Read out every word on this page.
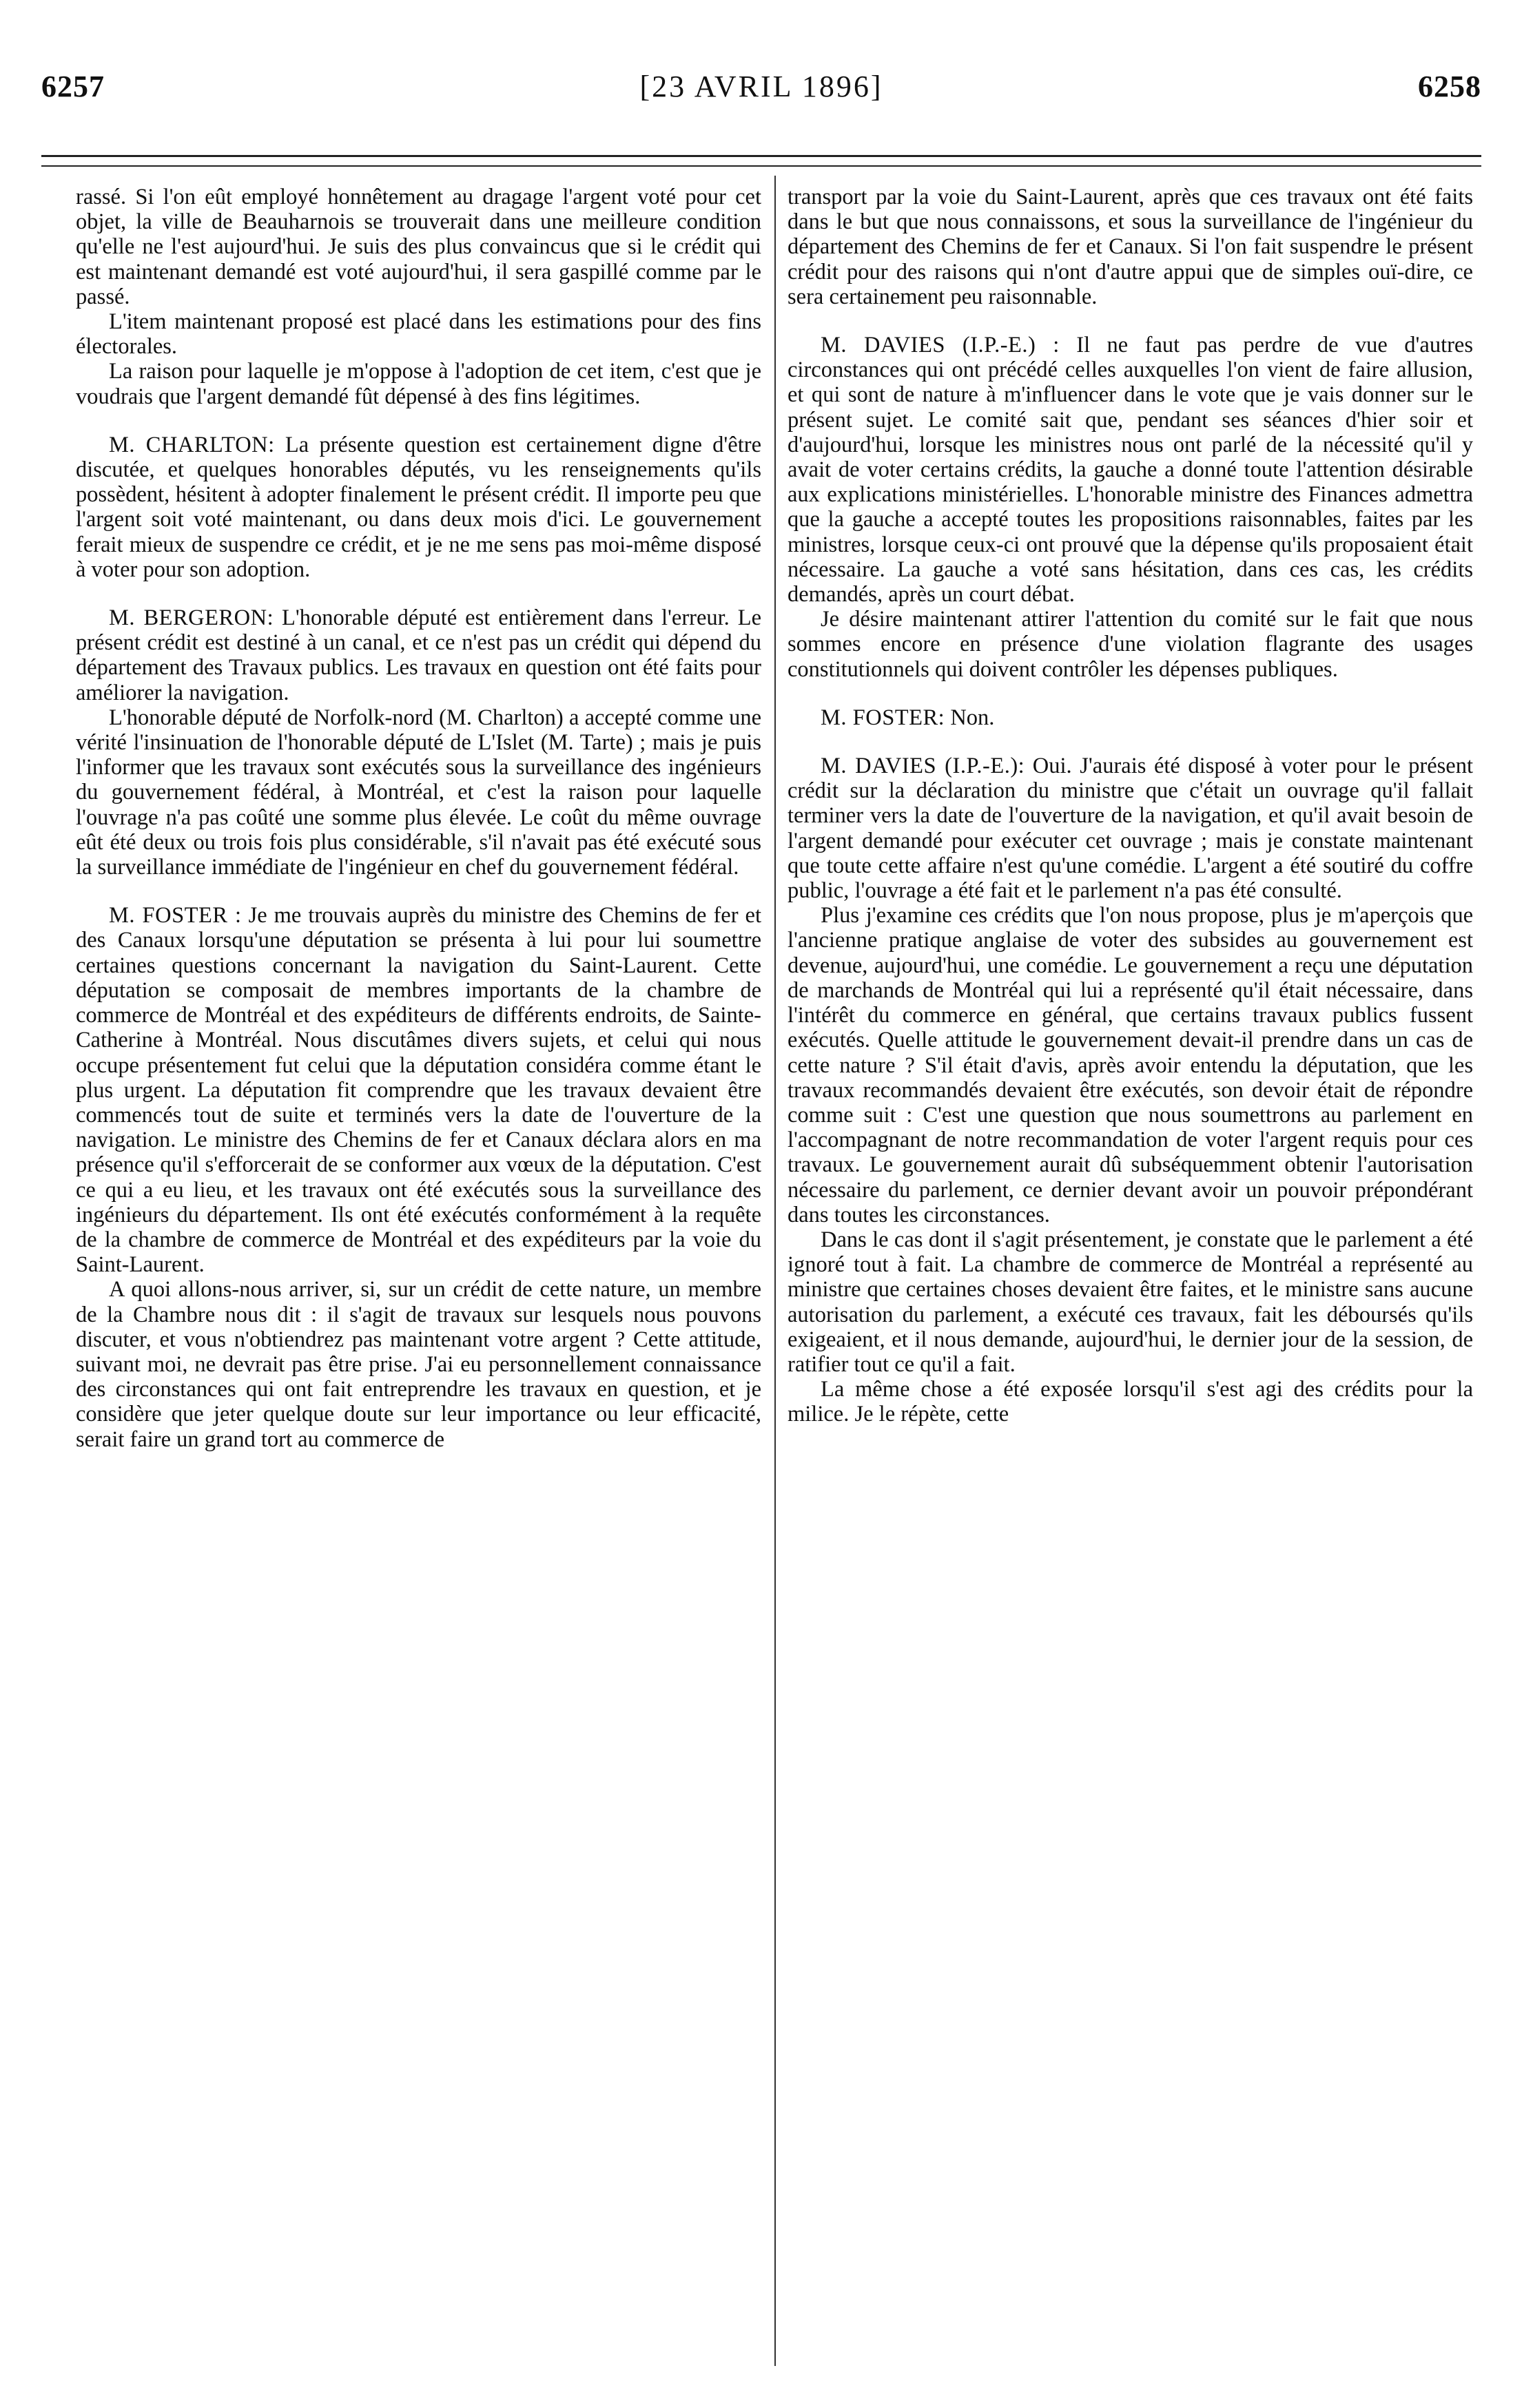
6257	[23 AVRIL 1896]	6258

rassé. Si l'on eût employé honnêtement au dragage l'argent voté pour cet objet, la ville de Beauharnois se trouverait dans une meilleure condition qu'elle ne l'est aujourd'hui. Je suis des plus convaincus que si le crédit qui est maintenant demandé est voté aujourd'hui, il sera gaspillé comme par le passé.

L'item maintenant proposé est placé dans les estimations pour des fins électorales.

La raison pour laquelle je m'oppose à l'adoption de cet item, c'est que je voudrais que l'argent demandé fût dépensé à des fins légitimes.

M. CHARLTON: La présente question est certainement digne d'être discutée, et quelques honorables députés, vu les renseignements qu'ils possèdent, hésitent à adopter finalement le présent crédit. Il importe peu que l'argent soit voté maintenant, ou dans deux mois d'ici. Le gouvernement ferait mieux de suspendre ce crédit, et je ne me sens pas moi-même disposé à voter pour son adoption.

M. BERGERON: L'honorable député est entièrement dans l'erreur. Le présent crédit est destiné à un canal, et ce n'est pas un crédit qui dépend du département des Travaux publics. Les travaux en question ont été faits pour améliorer la navigation.

L'honorable député de Norfolk-nord (M. Charlton) a accepté comme une vérité l'insinuation de l'honorable député de L'Islet (M. Tarte) ; mais je puis l'informer que les travaux sont exécutés sous la surveillance des ingénieurs du gouvernement fédéral, à Montréal, et c'est la raison pour laquelle l'ouvrage n'a pas coûté une somme plus élevée. Le coût du même ouvrage eût été deux ou trois fois plus considérable, s'il n'avait pas été exécuté sous la surveillance immédiate de l'ingénieur en chef du gouvernement fédéral.

M. FOSTER : Je me trouvais auprès du ministre des Chemins de fer et des Canaux lorsqu'une députation se présenta à lui pour lui soumettre certaines questions concernant la navigation du Saint-Laurent. Cette députation se composait de membres importants de la chambre de commerce de Montréal et des expéditeurs de différents endroits, de Sainte-Catherine à Montréal. Nous discutâmes divers sujets, et celui qui nous occupe présentement fut celui que la députation considéra comme étant le plus urgent. La députation fit comprendre que les travaux devaient être commencés tout de suite et terminés vers la date de l'ouverture de la navigation. Le ministre des Chemins de fer et Canaux déclara alors en ma présence qu'il s'efforcerait de se conformer aux vœux de la députation. C'est ce qui a eu lieu, et les travaux ont été exécutés sous la surveillance des ingénieurs du département. Ils ont été exécutés conformément à la requête de la chambre de commerce de Montréal et des expéditeurs par la voie du Saint-Laurent.

A quoi allons-nous arriver, si, sur un crédit de cette nature, un membre de la Chambre nous dit : il s'agit de travaux sur lesquels nous pouvons discuter, et vous n'obtiendrez pas maintenant votre argent ? Cette attitude, suivant moi, ne devrait pas être prise. J'ai eu personnellement connaissance des circonstances qui ont fait entreprendre les travaux en question, et je considère que jeter quelque doute sur leur importance ou leur efficacité, serait faire un grand tort au commerce de

transport par la voie du Saint-Laurent, après que ces travaux ont été faits dans le but que nous connaissons, et sous la surveillance de l'ingénieur du département des Chemins de fer et Canaux. Si l'on fait suspendre le présent crédit pour des raisons qui n'ont d'autre appui que de simples ouï-dire, ce sera certainement peu raisonnable.

M. DAVIES (I.P.-E.) : Il ne faut pas perdre de vue d'autres circonstances qui ont précédé celles auxquelles l'on vient de faire allusion, et qui sont de nature à m'influencer dans le vote que je vais donner sur le présent sujet. Le comité sait que, pendant ses séances d'hier soir et d'aujourd'hui, lorsque les ministres nous ont parlé de la nécessité qu'il y avait de voter certains crédits, la gauche a donné toute l'attention désirable aux explications ministérielles. L'honorable ministre des Finances admettra que la gauche a accepté toutes les propositions raisonnables, faites par les ministres, lorsque ceux-ci ont prouvé que la dépense qu'ils proposaient était nécessaire. La gauche a voté sans hésitation, dans ces cas, les crédits demandés, après un court débat.

Je désire maintenant attirer l'attention du comité sur le fait que nous sommes encore en présence d'une violation flagrante des usages constitutionnels qui doivent contrôler les dépenses publiques.

M. FOSTER: Non.

M. DAVIES (I.P.-E.): Oui. J'aurais été disposé à voter pour le présent crédit sur la déclaration du ministre que c'était un ouvrage qu'il fallait terminer vers la date de l'ouverture de la navigation, et qu'il avait besoin de l'argent demandé pour exécuter cet ouvrage ; mais je constate maintenant que toute cette affaire n'est qu'une comédie. L'argent a été soutiré du coffre public, l'ouvrage a été fait et le parlement n'a pas été consulté.

Plus j'examine ces crédits que l'on nous propose, plus je m'aperçois que l'ancienne pratique anglaise de voter des subsides au gouvernement est devenue, aujourd'hui, une comédie. Le gouvernement a reçu une députation de marchands de Montréal qui lui a représenté qu'il était nécessaire, dans l'intérêt du commerce en général, que certains travaux publics fussent exécutés. Quelle attitude le gouvernement devait-il prendre dans un cas de cette nature ? S'il était d'avis, après avoir entendu la députation, que les travaux recommandés devaient être exécutés, son devoir était de répondre comme suit : C'est une question que nous soumettrons au parlement en l'accompagnant de notre recommandation de voter l'argent requis pour ces travaux. Le gouvernement aurait dû subséquemment obtenir l'autorisation nécessaire du parlement, ce dernier devant avoir un pouvoir prépondérant dans toutes les circonstances.

Dans le cas dont il s'agit présentement, je constate que le parlement a été ignoré tout à fait. La chambre de commerce de Montréal a représenté au ministre que certaines choses devaient être faites, et le ministre sans aucune autorisation du parlement, a exécuté ces travaux, fait les déboursés qu'ils exigeaient, et il nous demande, aujourd'hui, le dernier jour de la session, de ratifier tout ce qu'il a fait.

La même chose a été exposée lorsqu'il s'est agi des crédits pour la milice. Je le répète, cette
